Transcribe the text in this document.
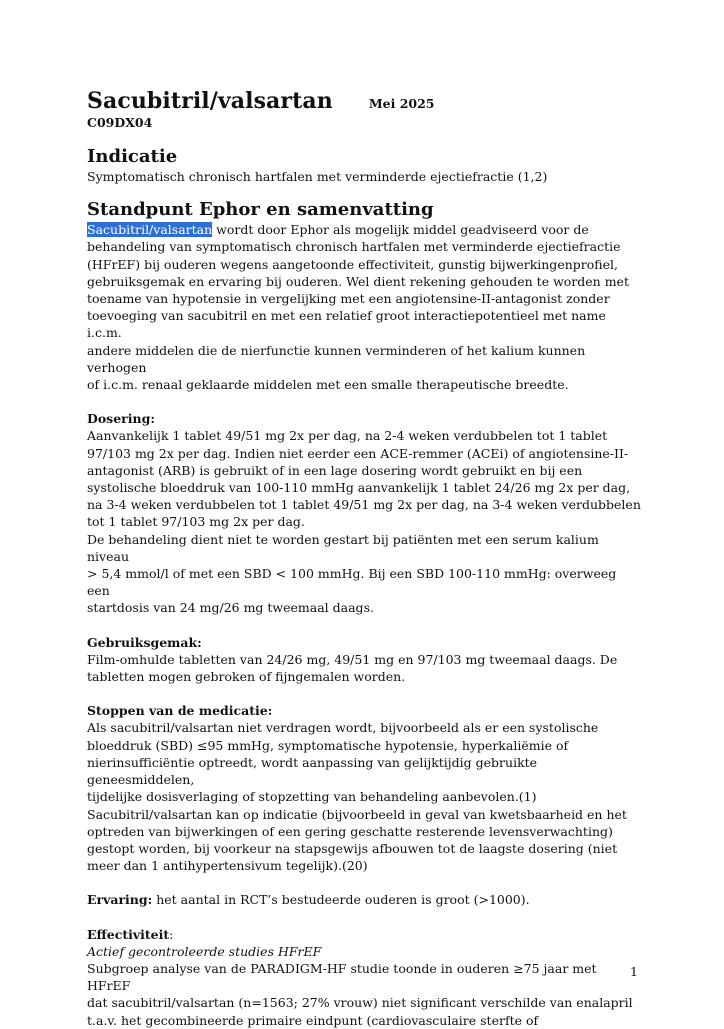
Sacubitril/valsartan	Mei 2025
C09DX04
Indicatie

Symptomatisch chronisch hartfalen met verminderde ejectiefractie (1,2)

Standpunt Ephor en samenvatting

Sacubitril/valsartan wordt door Ephor als mogelijk middel geadviseerd voor de

behandeling van symptomatisch chronisch hartfalen met verminderde ejectiefractie

(HFrEF) bij ouderen wegens aangetoonde effectiviteit, gunstig bijwerkingenprofiel,

gebruiksgemak en ervaring bij ouderen. Wel dient rekening gehouden te worden met

toename van hypotensie in vergelijking met een angiotensine-II-antagonist zonder

toevoeging van sacubitril en met een relatief groot interactiepotentieel met name i.c.m.

andere middelen die de nierfunctie kunnen verminderen of het kalium kunnen verhogen

of i.c.m. renaal geklaarde middelen met een smalle therapeutische breedte.

Dosering:

Aanvankelijk 1 tablet 49/51 mg 2x per dag, na 2-4 weken verdubbelen tot 1 tablet

97/103 mg 2x per dag. Indien niet eerder een ACE-remmer (ACEi) of angiotensine-II-

antagonist (ARB) is gebruikt of in een lage dosering wordt gebruikt en bij een

systolische bloeddruk van 100-110 mmHg aanvankelijk 1 tablet 24/26 mg 2x per dag,

na 3-4 weken verdubbelen tot 1 tablet 49/51 mg 2x per dag, na 3-4 weken verdubbelen

tot 1 tablet 97/103 mg 2x per dag.

De behandeling dient niet te worden gestart bij patiënten met een serum kalium niveau

> 5,4 mmol/l of met een SBD < 100 mmHg. Bij een SBD 100-110 mmHg: overweeg een

startdosis van 24 mg/26 mg tweemaal daags.

Gebruiksgemak:

Film-omhulde tabletten van 24/26 mg, 49/51 mg en 97/103 mg tweemaal daags. De

tabletten mogen gebroken of fijngemalen worden.

Stoppen van de medicatie:

Als sacubitril/valsartan niet verdragen wordt, bijvoorbeeld als er een systolische

bloeddruk (SBD) ≤95 mmHg, symptomatische hypotensie, hyperkaliëmie of

nierinsufficiëntie optreedt, wordt aanpassing van gelijktijdig gebruikte geneesmiddelen,

tijdelijke dosisverlaging of stopzetting van behandeling aanbevolen.(1)

Sacubitril/valsartan kan op indicatie (bijvoorbeeld in geval van kwetsbaarheid en het

optreden van bijwerkingen of een gering geschatte resterende levensverwachting)

gestopt worden, bij voorkeur na stapsgewijs afbouwen tot de laagste dosering (niet

meer dan 1 antihypertensivum tegelijk).(20)

Ervaring: het aantal in RCT’s bestudeerde ouderen is groot (>1000).

Effectiviteit:

Actief gecontroleerde studies HFrEF

Subgroep analyse van de PARADIGM-HF studie toonde in ouderen ≥75 jaar met HFrEF

dat sacubitril/valsartan (n=1563; 27% vrouw) niet significant verschilde van enalapril

t.a.v. het gecombineerde primaire eindpunt (cardiovasculaire sterfte of

1
